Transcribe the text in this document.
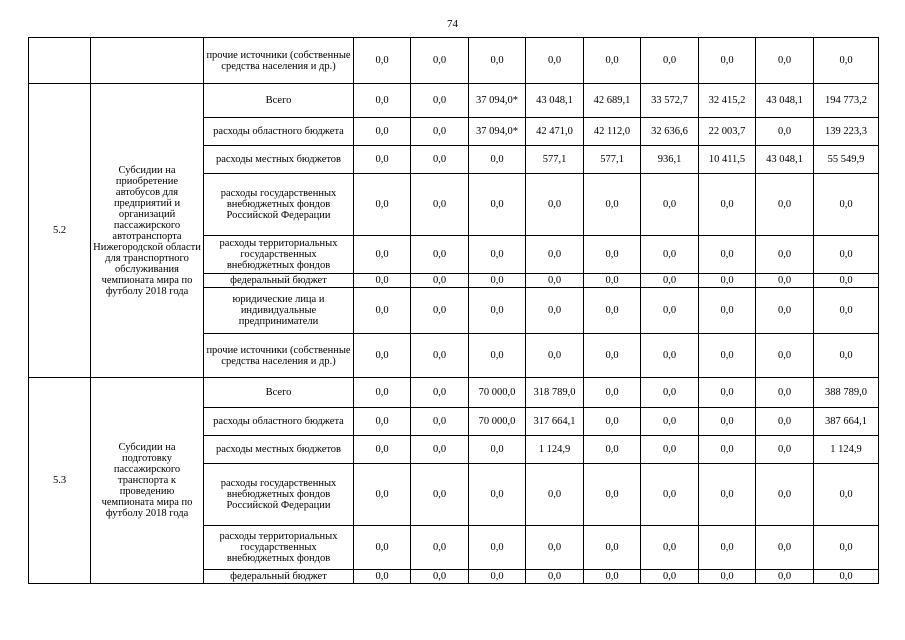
74
		прочие источники (собственные средства населения и др.)	0,0	0,0	0,0	0,0	0,0	0,0	0,0	0,0	0,0
5.2	Субсидии на приобретение автобусов для предприятий и организаций пассажирского автотранспорта Нижегородской области для транспортного обслуживания чемпионата мира по футболу 2018 года	Всего	0,0	0,0	37 094,0*	43 048,1	42 689,1	33 572,7	32 415,2	43 048,1	194 773,2
		расходы областного бюджета	0,0	0,0	37 094,0*	42 471,0	42 112,0	32 636,6	22 003,7	0,0	139 223,3
		расходы местных бюджетов	0,0	0,0	0,0	577,1	577,1	936,1	10 411,5	43 048,1	55 549,9
		расходы государственных внебюджетных фондов Российской Федерации	0,0	0,0	0,0	0,0	0,0	0,0	0,0	0,0	0,0
		расходы территориальных государственных внебюджетных фондов	0,0	0,0	0,0	0,0	0,0	0,0	0,0	0,0	0,0
		федеральный бюджет	0,0	0,0	0,0	0,0	0,0	0,0	0,0	0,0	0,0
		юридические лица и индивидуальные предприниматели	0,0	0,0	0,0	0,0	0,0	0,0	0,0	0,0	0,0
		прочие источники (собственные средства населения и др.)	0,0	0,0	0,0	0,0	0,0	0,0	0,0	0,0	0,0
5.3	Субсидии на подготовку пассажирского транспорта к проведению чемпионата мира по футболу 2018 года	Всего	0,0	0,0	70 000,0	318 789,0	0,0	0,0	0,0	0,0	388 789,0
		расходы областного бюджета	0,0	0,0	70 000,0	317 664,1	0,0	0,0	0,0	0,0	387 664,1
		расходы местных бюджетов	0,0	0,0	0,0	1 124,9	0,0	0,0	0,0	0,0	1 124,9
		расходы государственных внебюджетных фондов Российской Федерации	0,0	0,0	0,0	0,0	0,0	0,0	0,0	0,0	0,0
		расходы территориальных государственных внебюджетных фондов	0,0	0,0	0,0	0,0	0,0	0,0	0,0	0,0	0,0
		федеральный бюджет	0,0	0,0	0,0	0,0	0,0	0,0	0,0	0,0	0,0
